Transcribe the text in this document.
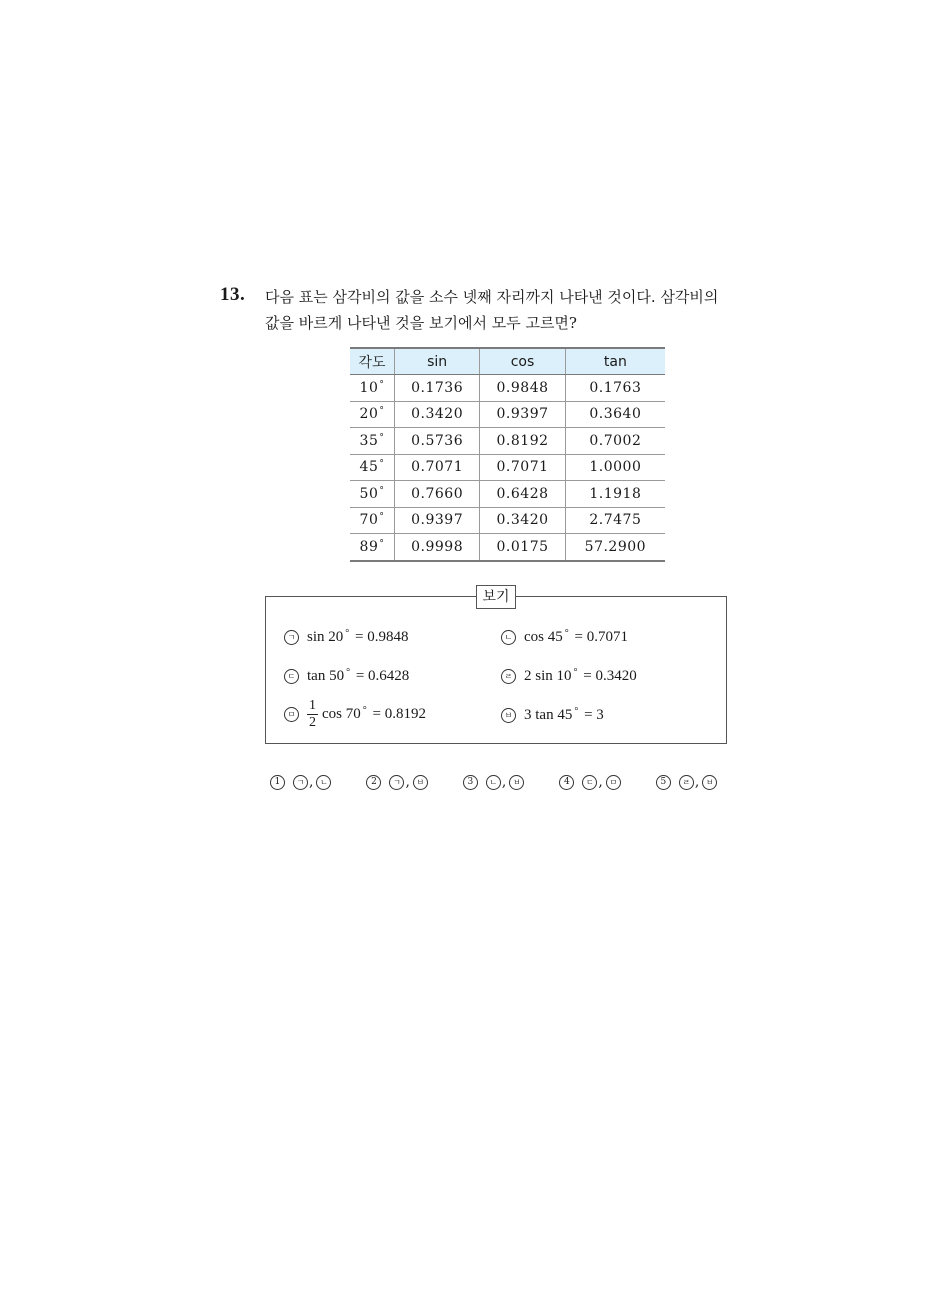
13. 다음 표는 삼각비의 값을 소수 넷째 자리까지 나타낸 것이다. 삼각비의
값을 바르게 나타낸 것을 보기에서 모두 고르면?
각도	sin	cos	tan
10°	0.1736	0.9848	0.1763
20°	0.3420	0.9397	0.3640
35°	0.5736	0.8192	0.7002
45°	0.7071	0.7071	1.0000
50°	0.7660	0.6428	1.1918
70°	0.9397	0.3420	2.7475
89°	0.9998	0.0175	57.2900
보기
ㄱ sin
20 °
= 0.9848	ㄴ cos
45 °
= 0.7071
ㄷ tan
50 °
= 0.6428	ㄹ 2
sin
10 °
= 0.3420
ㅁ $\frac{1}{2}$ cos
70 °
= 0.8192	ㅂ 3
tan
45 °
= 3
1	ㄱ , ㄴ	2	ㄱ , ㅂ	3	ㄴ , ㅂ	4	ㄷ , ㅁ	5	ㄹ , ㅂ
